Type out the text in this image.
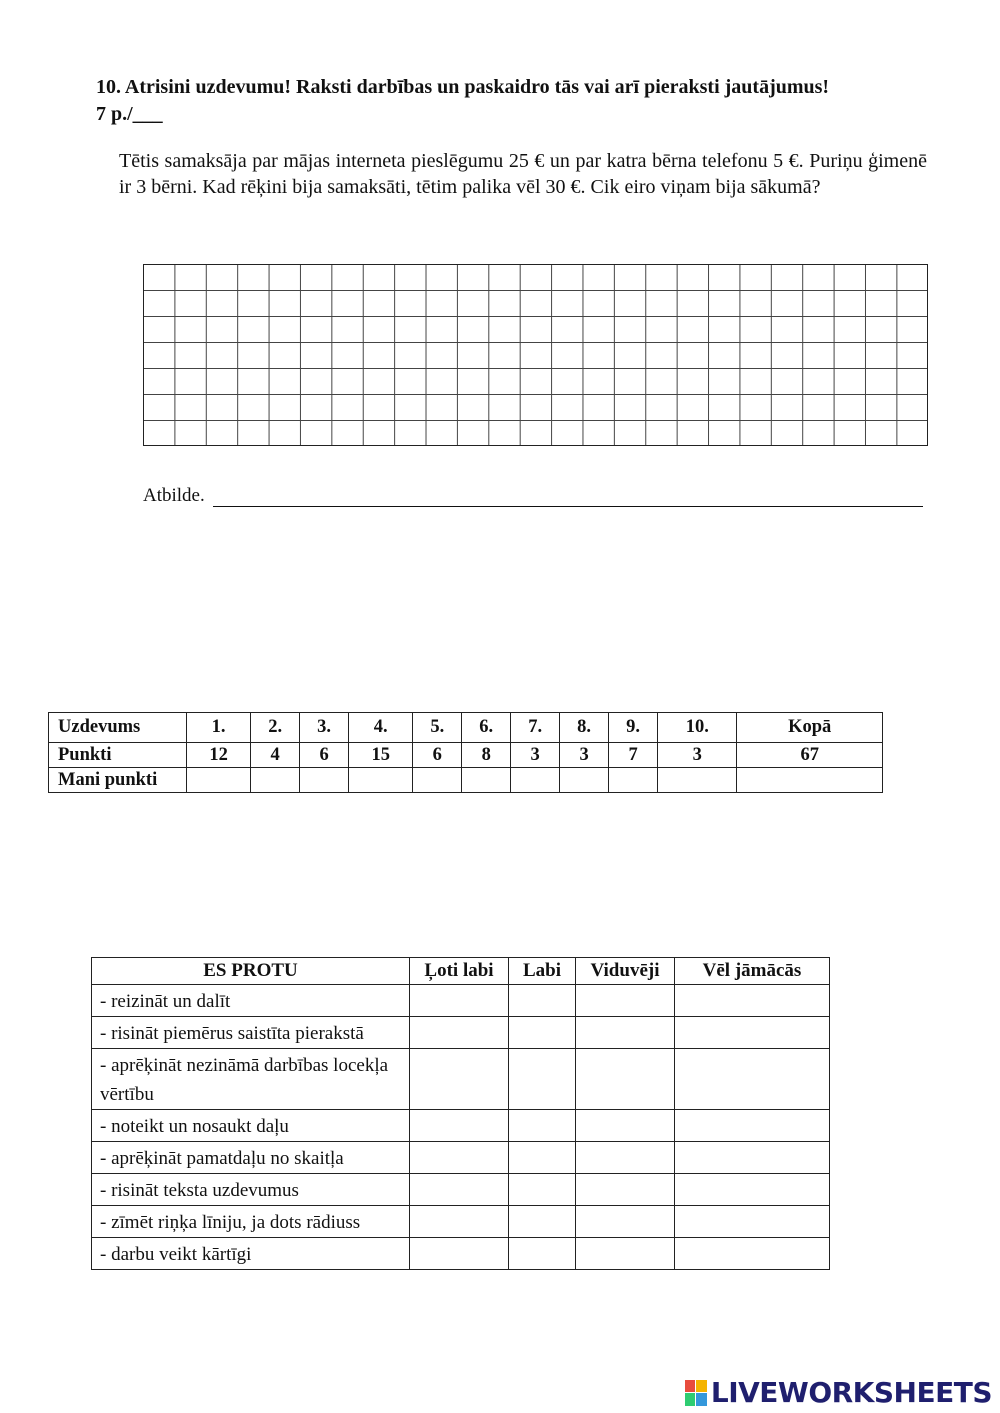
10. Atrisini uzdevumu! Raksti darbības un paskaidro tās vai arī pieraksti jautājumus!
7 p./___

Tētis samaksāja par mājas interneta pieslēgumu 25 € un par katra bērna telefonu 5 €. Puriņu ģimenē ir 3 bērni. Kad rēķini bija samaksāti, tētim palika vēl 30 €. Cik eiro viņam bija sākumā?

Atbilde.
Uzdevums	1.	2.	3.	4.	5.	6.	7.	8.	9.	10.	Kopā
Punkti	12	4	6	15	6	8	3	3	7	3	67
Mani punkti											
ES PROTU	Ļoti labi	Labi	Viduvēji	Vēl jāmācās
- reizināt un dalīt				
- risināt piemērus saistīta pierakstā				
- aprēķināt nezināmā darbības locekļa vērtību				
- noteikt un nosaukt daļu				
- aprēķināt pamatdaļu no skaitļa				
- risināt teksta uzdevumus				
- zīmēt riņķa līniju, ja dots rādiuss				
- darbu veikt kārtīgi				
LIVEWORKSHEETS
